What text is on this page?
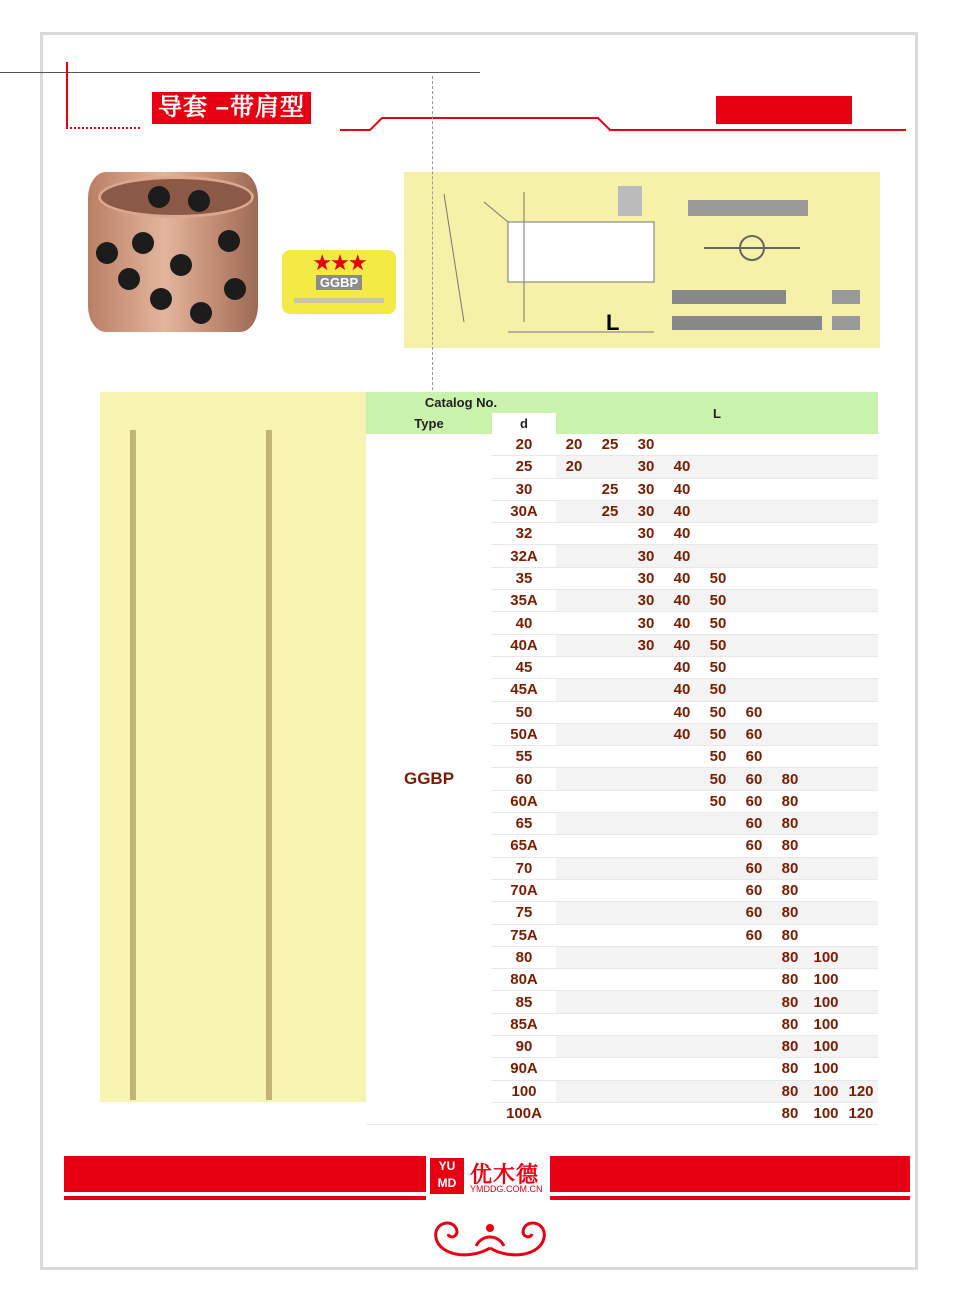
导套 –带肩型
★★★
GGBP
L
Catalog No.		L								
Type	d									
GGBP	20	20	25	30						
	25	20		30	40					
	30		25	30	40					
	30A		25	30	40					
	32			30	40					
	32A			30	40					
	35			30	40	50				
	35A			30	40	50				
	40			30	40	50				
	40A			30	40	50				
	45				40	50				
	45A				40	50				
	50				40	50	60			
	50A				40	50	60			
	55					50	60			
	60					50	60	80		
	60A					50	60	80		
	65						60	80		
	65A						60	80		
	70						60	80		
	70A						60	80		
	75						60	80		
	75A						60	80		
	80							80	100	
	80A							80	100	
	85							80	100	
	85A							80	100	
	90							80	100	
	90A							80	100	
	100							80	100	120
	100A							80	100	120
YU
MD 优木德
YMDDG.COM.CN
